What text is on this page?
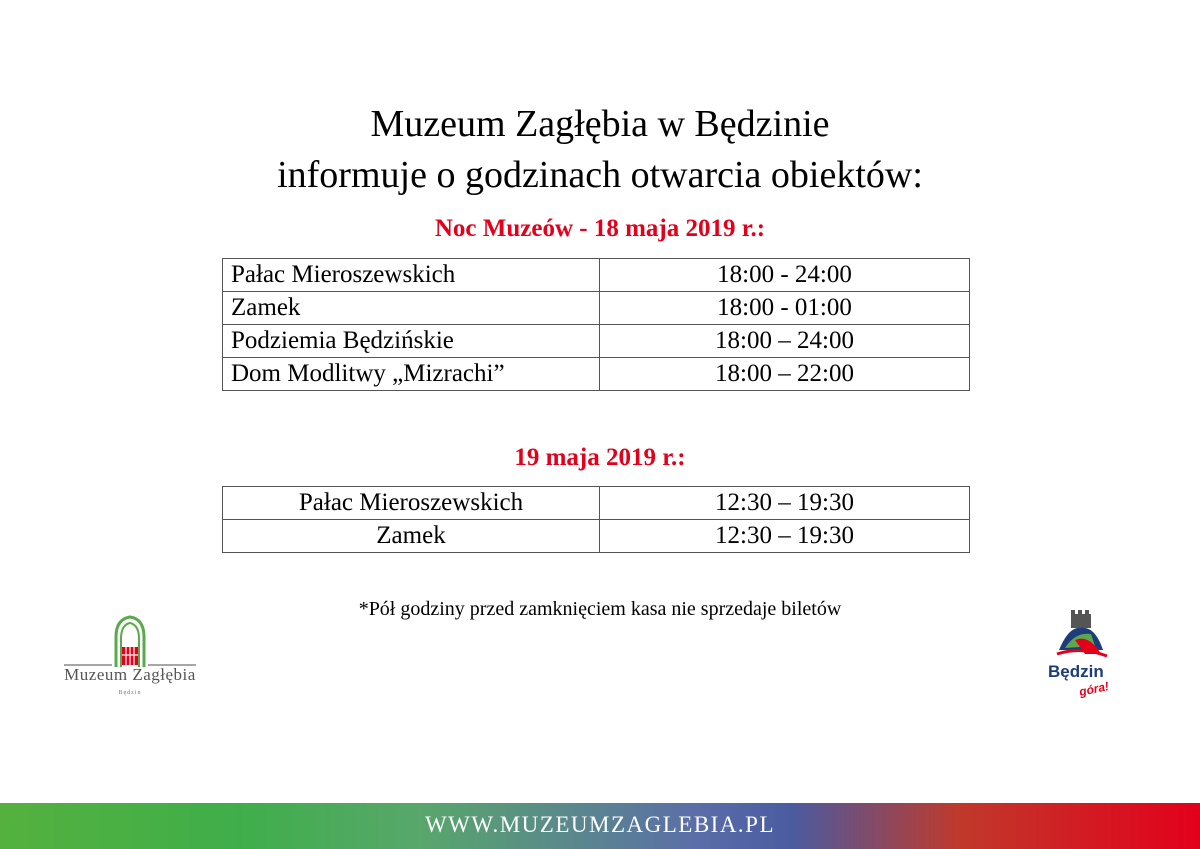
Muzeum Zagłębia w Będzinie
informuje o godzinach otwarcia obiektów:
Noc Muzeów - 18 maja 2019 r.:
Pałac Mieroszewskich	18:00 - 24:00
Zamek	18:00 - 01:00
Podziemia Będzińskie	18:00 – 24:00
Dom Modlitwy „Mizrachi”	18:00 – 22:00
19 maja 2019 r.:
Pałac Mieroszewskich	12:30 – 19:30
Zamek	12:30 – 19:30
*Pół godziny przed zamknięciem kasa nie sprzedaje biletów
Muzeum Zagłębia
Będzin
Będzin
góra!
WWW.MUZEUMZAGLEBIA.PL
